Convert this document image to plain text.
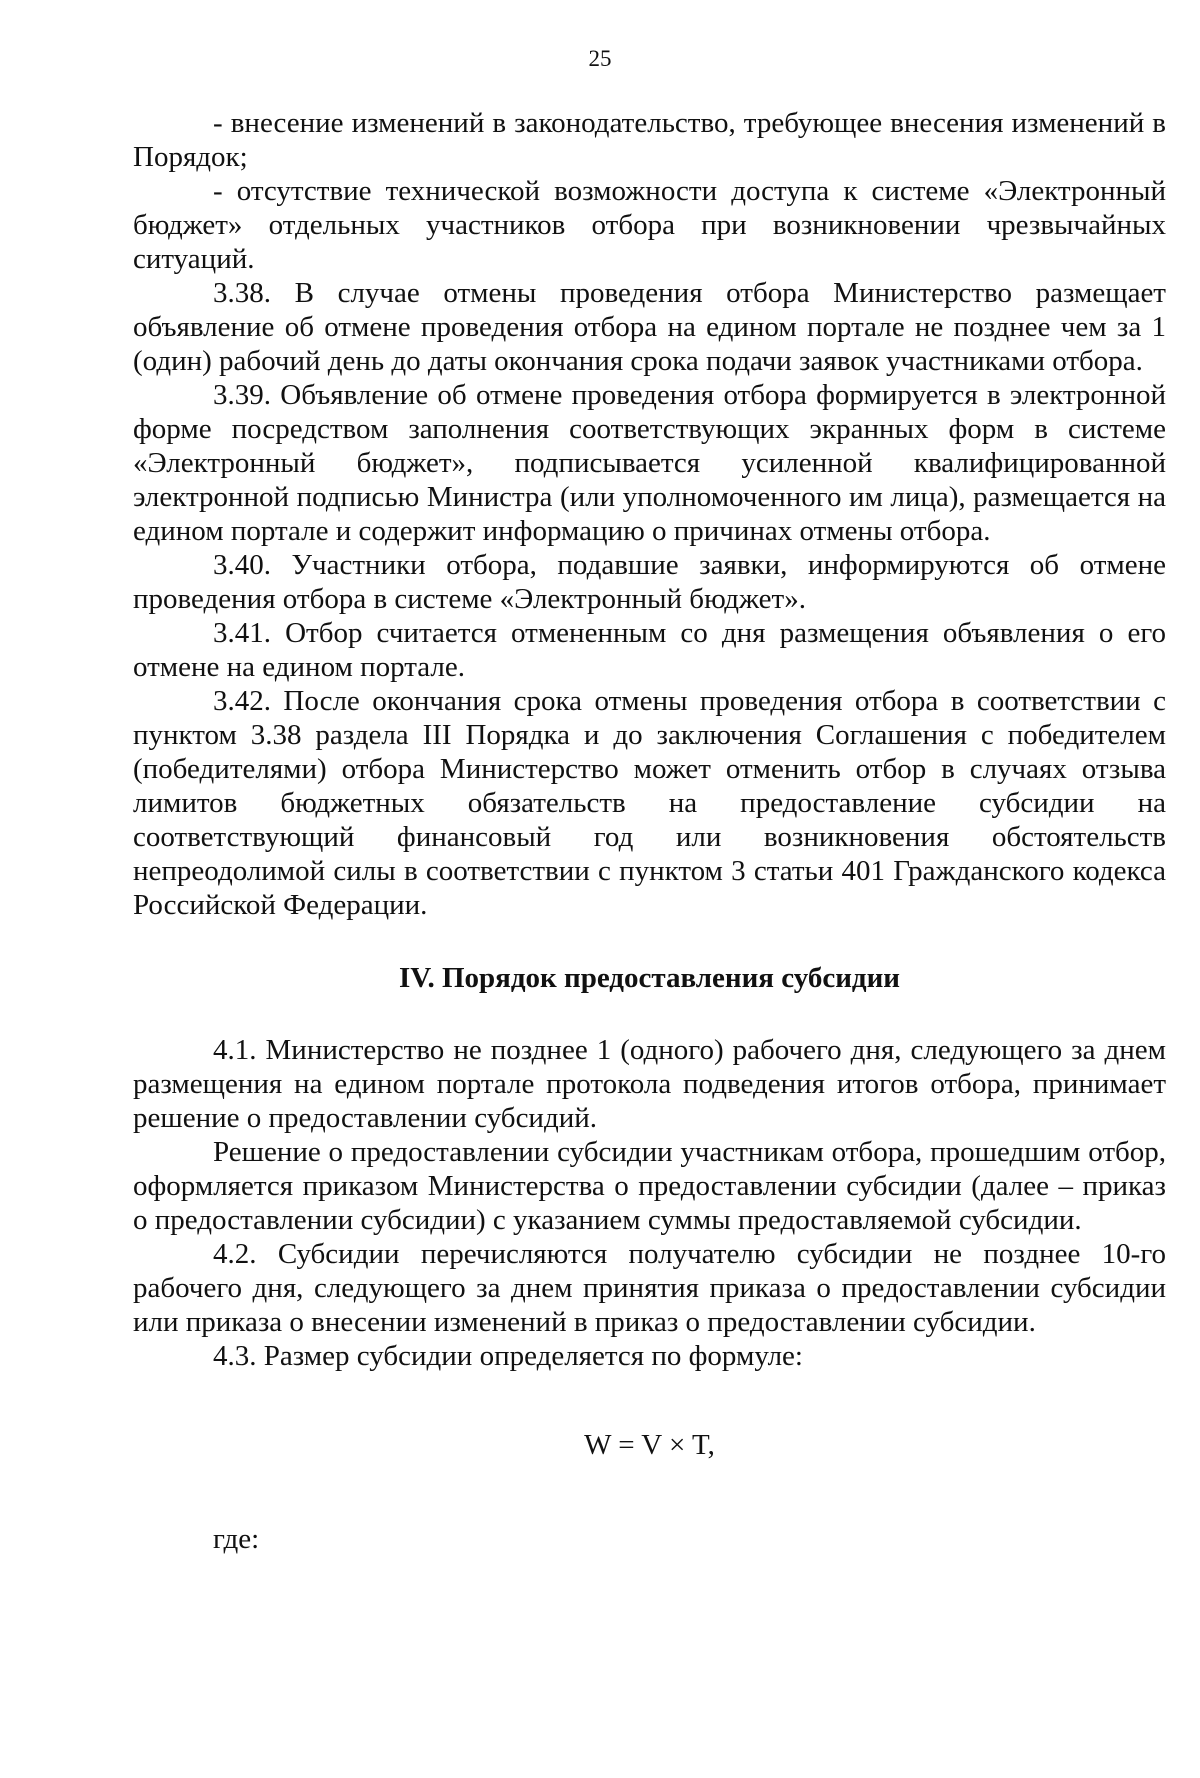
25

- внесение изменений в законодательство, требующее внесения изменений в Порядок;

- отсутствие технической возможности доступа к системе «Электронный бюджет» отдельных участников отбора при возникновении чрезвычайных ситуаций.

3.38. В случае отмены проведения отбора Министерство размещает объявление об отмене проведения отбора на едином портале не позднее чем за 1 (один) рабочий день до даты окончания срока подачи заявок участниками отбора.

3.39. Объявление об отмене проведения отбора формируется в электронной форме посредством заполнения соответствующих экранных форм в системе «Электронный бюджет», подписывается усиленной квалифицированной электронной подписью Министра (или уполномоченного им лица), размещается на едином портале и содержит информацию о причинах отмены отбора.

3.40. Участники отбора, подавшие заявки, информируются об отмене проведения отбора в системе «Электронный бюджет».

3.41. Отбор считается отмененным со дня размещения объявления о его отмене на едином портале.

3.42. После окончания срока отмены проведения отбора в соответствии с пунктом 3.38 раздела III Порядка и до заключения Соглашения с победителем (победителями) отбора Министерство может отменить отбор в случаях отзыва лимитов бюджетных обязательств на предоставление субсидии на соответствующий финансовый год или возникновения обстоятельств непреодолимой силы в соответствии с пунктом 3 статьи 401 Гражданского кодекса Российской Федерации.

IV. Порядок предоставления субсидии

4.1. Министерство не позднее 1 (одного) рабочего дня, следующего за днем размещения на едином портале протокола подведения итогов отбора, принимает решение о предоставлении субсидий.

Решение о предоставлении субсидии участникам отбора, прошедшим отбор, оформляется приказом Министерства о предоставлении субсидии (далее – приказ о предоставлении субсидии) с указанием суммы предоставляемой субсидии.

4.2. Субсидии перечисляются получателю субсидии не позднее 10-го рабочего дня, следующего за днем принятия приказа о предоставлении субсидии или приказа о внесении изменений в приказ о предоставлении субсидии.

4.3. Размер субсидии определяется по формуле:

W = V × T,
где:
